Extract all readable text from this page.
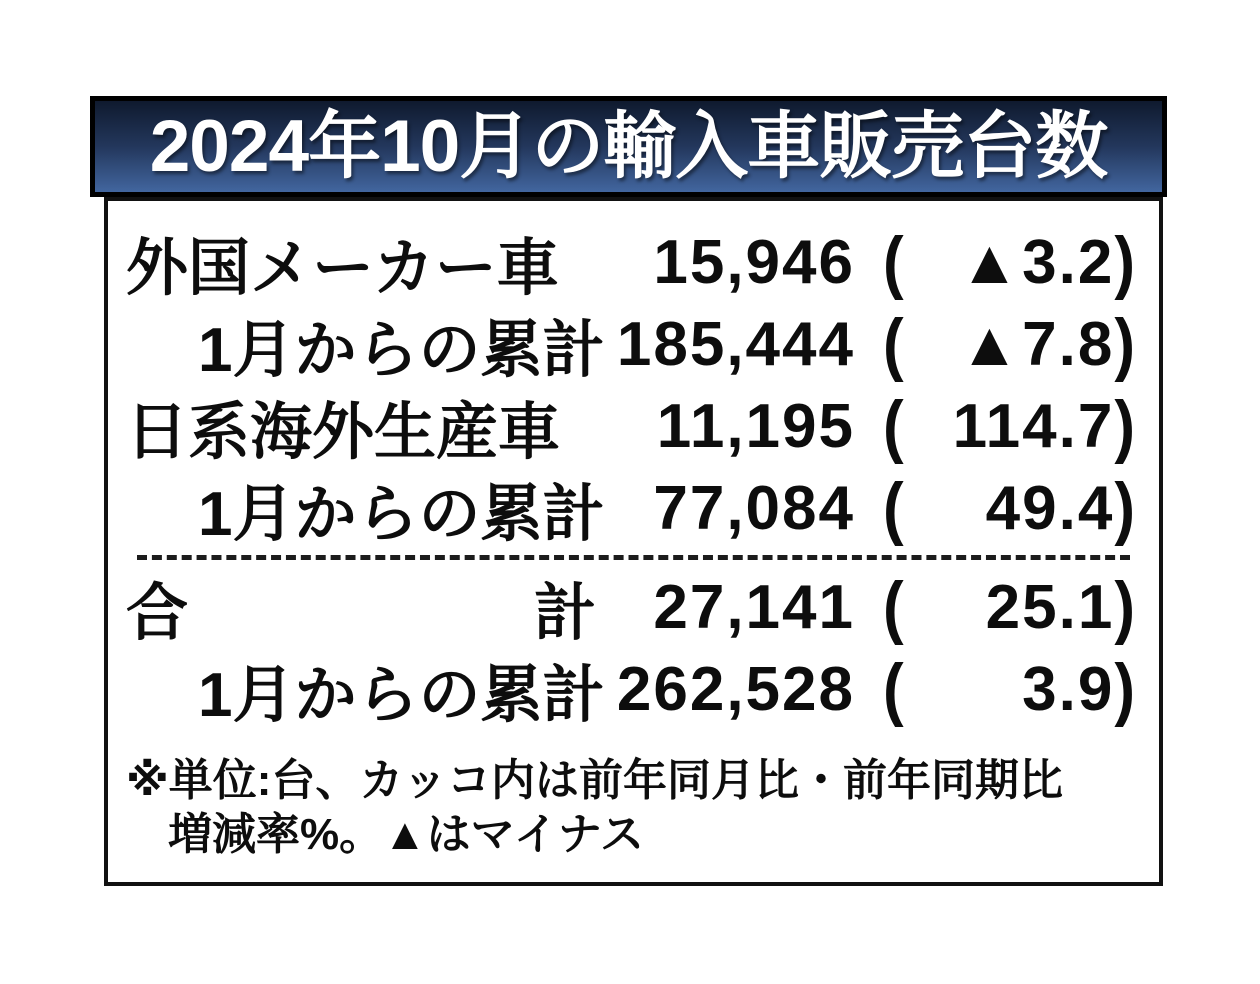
2024年10月の輸入車販売台数
外国メーカー車	15,946 ( ▲3.2 )
1月からの累計 185,444 ( ▲7.8 )
日系海外生産車	11,195 ( 114.7 )
1月からの累計 77,084 (	49.4 )
合	計 27,141 (	25.1 )
1月からの累計 262,528 (	3.9 )
※単位:台、カッコ内は前年同月比・前年同期比
増減率%。▲はマイナス
